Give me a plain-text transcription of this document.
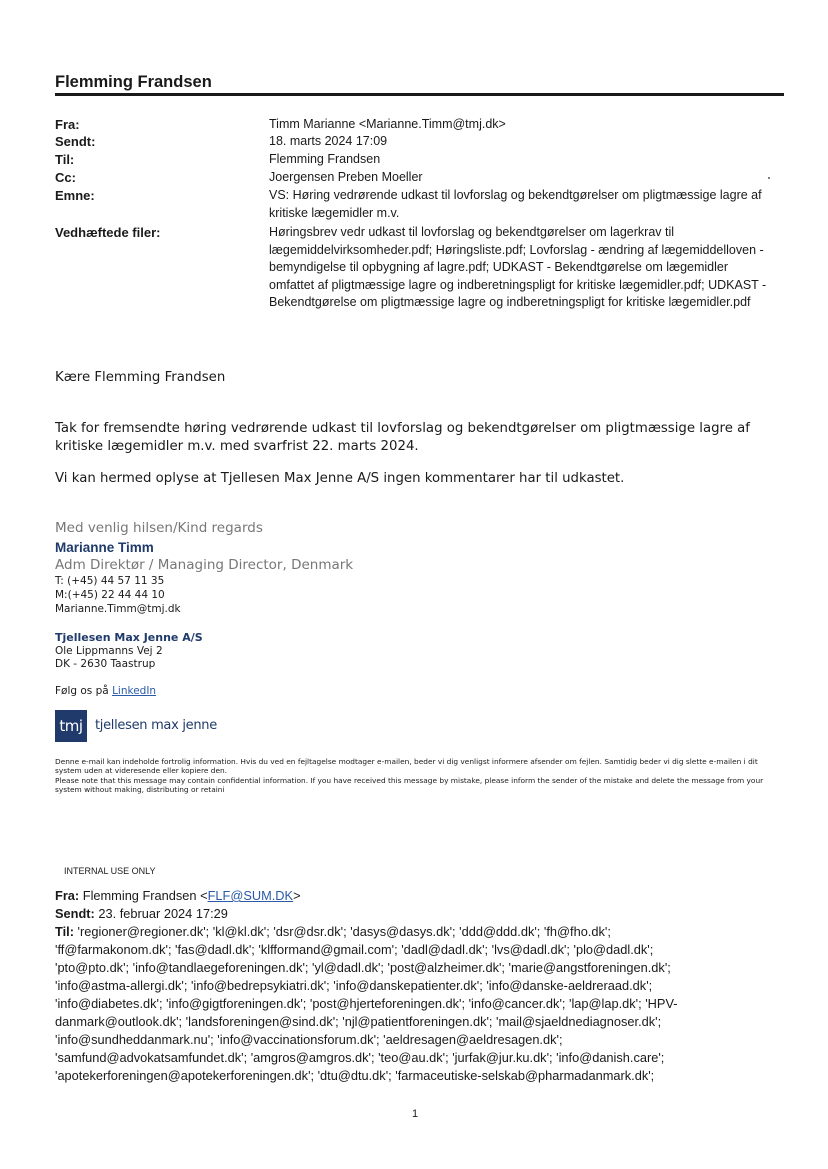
Flemming Frandsen
Fra:	Timm Marianne <Marianne.Timm@tmj.dk>
Sendt:	18. marts 2024 17:09
Til:	Flemming Frandsen
Cc:	Joergensen Preben Moeller
Emne:	VS: Høring vedrørende udkast til lovforslag og bekendtgørelser om pligtmæssige lagre af kritiske lægemidler m.v.
Vedhæftede filer:	Høringsbrev vedr udkast til lovforslag og bekendtgørelser om lagerkrav til lægemiddelvirksomheder.pdf; Høringsliste.pdf; Lovforslag - ændring af lægemiddelloven - bemyndigelse til opbygning af lagre.pdf; UDKAST - Bekendtgørelse om lægemidler omfattet af pligtmæssige lagre og indberetningspligt for kritiske lægemidler.pdf; UDKAST - Bekendtgørelse om pligtmæssige lagre og indberetningspligt for kritiske lægemidler.pdf
Kære Flemming Frandsen
Tak for fremsendte høring vedrørende udkast til lovforslag og bekendtgørelser om pligtmæssige lagre af kritiske lægemidler m.v. med svarfrist 22. marts 2024.
Vi kan hermed oplyse at Tjellesen Max Jenne A/S ingen kommentarer har til udkastet.
Med venlig hilsen/Kind regards
Marianne Timm
Adm Direktør / Managing Director, Denmark
T: (+45) 44 57 11 35
M:(+45) 22 44 44 10
Marianne.Timm@tmj.dk
Tjellesen Max Jenne A/S
Ole Lippmanns Vej 2
DK - 2630 Taastrup
Følg os på LinkedIn
tmj tjellesen max jenne
Denne e-mail kan indeholde fortrolig information. Hvis du ved en fejltagelse modtager e-mailen, beder vi dig venligst informere afsender om fejlen. Samtidig beder vi dig slette e-mailen i dit system uden at videresende eller kopiere den.
Please note that this message may contain confidential information. If you have received this message by mistake, please inform the sender of the mistake and delete the message from your system without making, distributing or retaini
INTERNAL USE ONLY
Fra: Flemming Frandsen <FLF@SUM.DK>
Sendt: 23. februar 2024 17:29
Til: 'regioner@regioner.dk'; 'kl@kl.dk'; 'dsr@dsr.dk'; 'dasys@dasys.dk'; 'ddd@ddd.dk'; 'fh@fho.dk';
'ff@farmakonom.dk'; 'fas@dadl.dk'; 'klfformand@gmail.com'; 'dadl@dadl.dk'; 'lvs@dadl.dk'; 'plo@dadl.dk';
'pto@pto.dk'; 'info@tandlaegeforeningen.dk'; 'yl@dadl.dk'; 'post@alzheimer.dk'; 'marie@angstforeningen.dk';
'info@astma-allergi.dk'; 'info@bedrepsykiatri.dk'; 'info@danskepatienter.dk'; 'info@danske-aeldreraad.dk';
'info@diabetes.dk'; 'info@gigtforeningen.dk'; 'post@hjerteforeningen.dk'; 'info@cancer.dk'; 'lap@lap.dk'; 'HPV-
danmark@outlook.dk'; 'landsforeningen@sind.dk'; 'njl@patientforeningen.dk'; 'mail@sjaeldnediagnoser.dk';
'info@sundheddanmark.nu'; 'info@vaccinationsforum.dk'; 'aeldresagen@aeldresagen.dk';
'samfund@advokatsamfundet.dk'; 'amgros@amgros.dk'; 'teo@au.dk'; 'jurfak@jur.ku.dk'; 'info@danish.care';
'apotekerforeningen@apotekerforeningen.dk'; 'dtu@dtu.dk'; 'farmaceutiske-selskab@pharmadanmark.dk';
1
